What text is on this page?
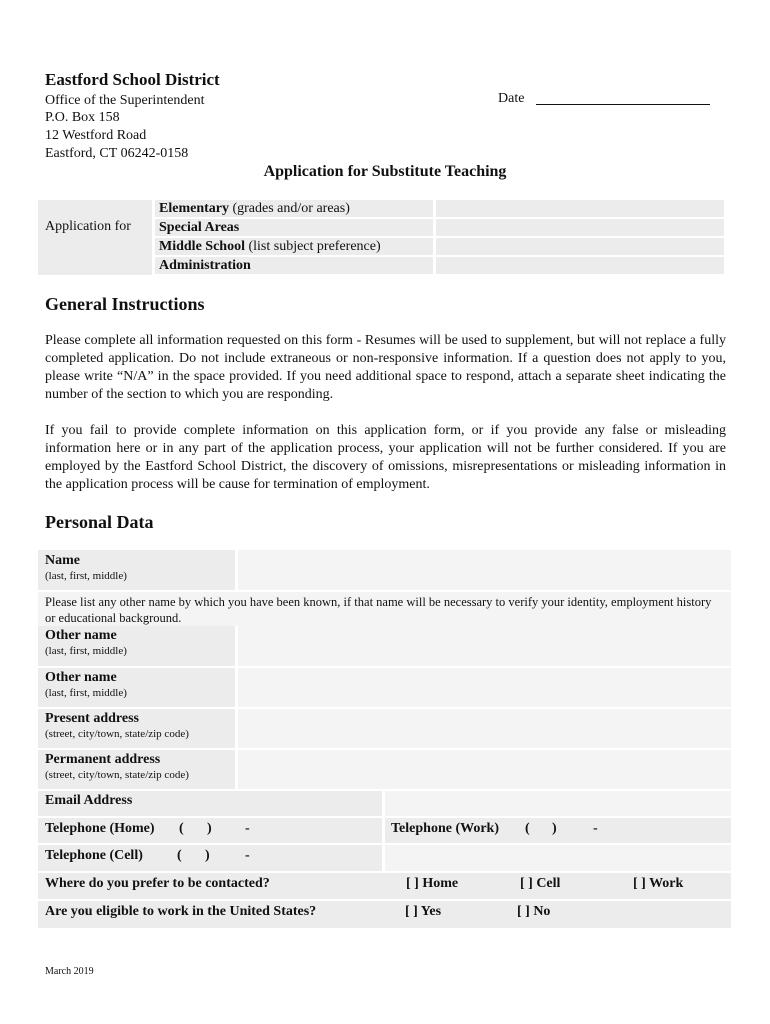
Eastford School District
Office of the Superintendent
P.O. Box 158
12 Westford Road
Eastford, CT 06242-0158
Date
Application for Substitute Teaching
Application for
Elementary (grades and/or areas)
Special Areas
Middle School (list subject preference)
Administration
General Instructions
Please complete all information requested on this form - Resumes will be used to supplement, but will not replace a fully completed application. Do not include extraneous or non-responsive information. If a question does not apply to you, please write “N/A” in the space provided. If you need additional space to respond, attach a separate sheet indicating the number of the section to which you are responding.
If you fail to provide complete information on this application form, or if you provide any false or misleading information here or in any part of the application process, your application will not be further considered. If you are employed by the Eastford School District, the discovery of omissions, misrepresentations or misleading information in the application process will be cause for termination of employment.
Personal Data
Name
(last, first, middle)
Please list any other name by which you have been known, if that name will be necessary to verify your identity, employment history or educational background.
Other name
(last, first, middle)
Other name
(last, first, middle)
Present address
(street, city/town, state/zip code)
Permanent address
(street, city/town, state/zip code)
Email Address
Telephone (Home) ( ) -	Telephone (Work) ( )	-
Telephone (Cell) ( )	-
Where do you prefer to be contacted?	[ ] Home	[ ] Cell	[ ] Work
Are you eligible to work in the United States?	[ ] Yes	[ ] No
March 2019
